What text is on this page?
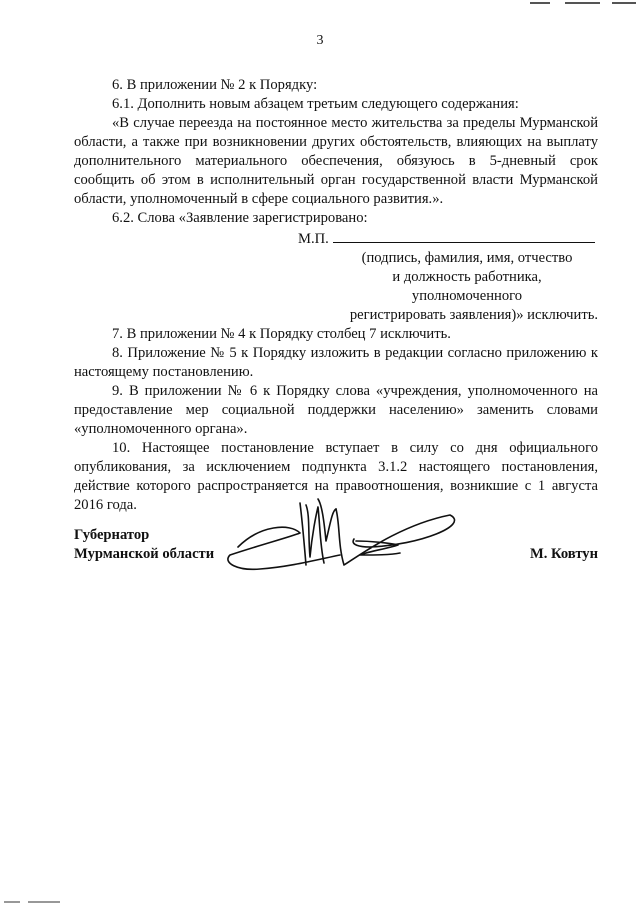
3

6. В приложении № 2 к Порядку:

6.1. Дополнить новым абзацем третьим следующего содержания:

«В случае переезда на постоянное место жительства за пределы Мурманской области, а также при возникновении других обстоятельств, влияющих на выплату дополнительного материального обеспечения, обязуюсь в 5-дневный срок сообщить об этом в исполнительный орган государственной власти Мурманской области, уполномоченный в сфере социального развития.».

6.2. Слова «Заявление зарегистрировано:

М.П.

(подпись, фамилия, имя, отчество

и должность работника,

уполномоченного

регистрировать заявления)» исключить.

7. В приложении № 4 к Порядку столбец 7 исключить.

8. Приложение № 5 к Порядку изложить в редакции согласно приложению к настоящему постановлению.

9. В приложении № 6 к Порядку слова «учреждения, уполномоченного на предоставление мер социальной поддержки населению» заменить словами «уполномоченного органа».

10. Настоящее постановление вступает в силу со дня официального опубликования, за исключением подпункта 3.1.2 настоящего постановления, действие которого распространяется на правоотношения, возникшие с 1 августа 2016 года.

Губернатор
Мурманской области	М. Ковтун
